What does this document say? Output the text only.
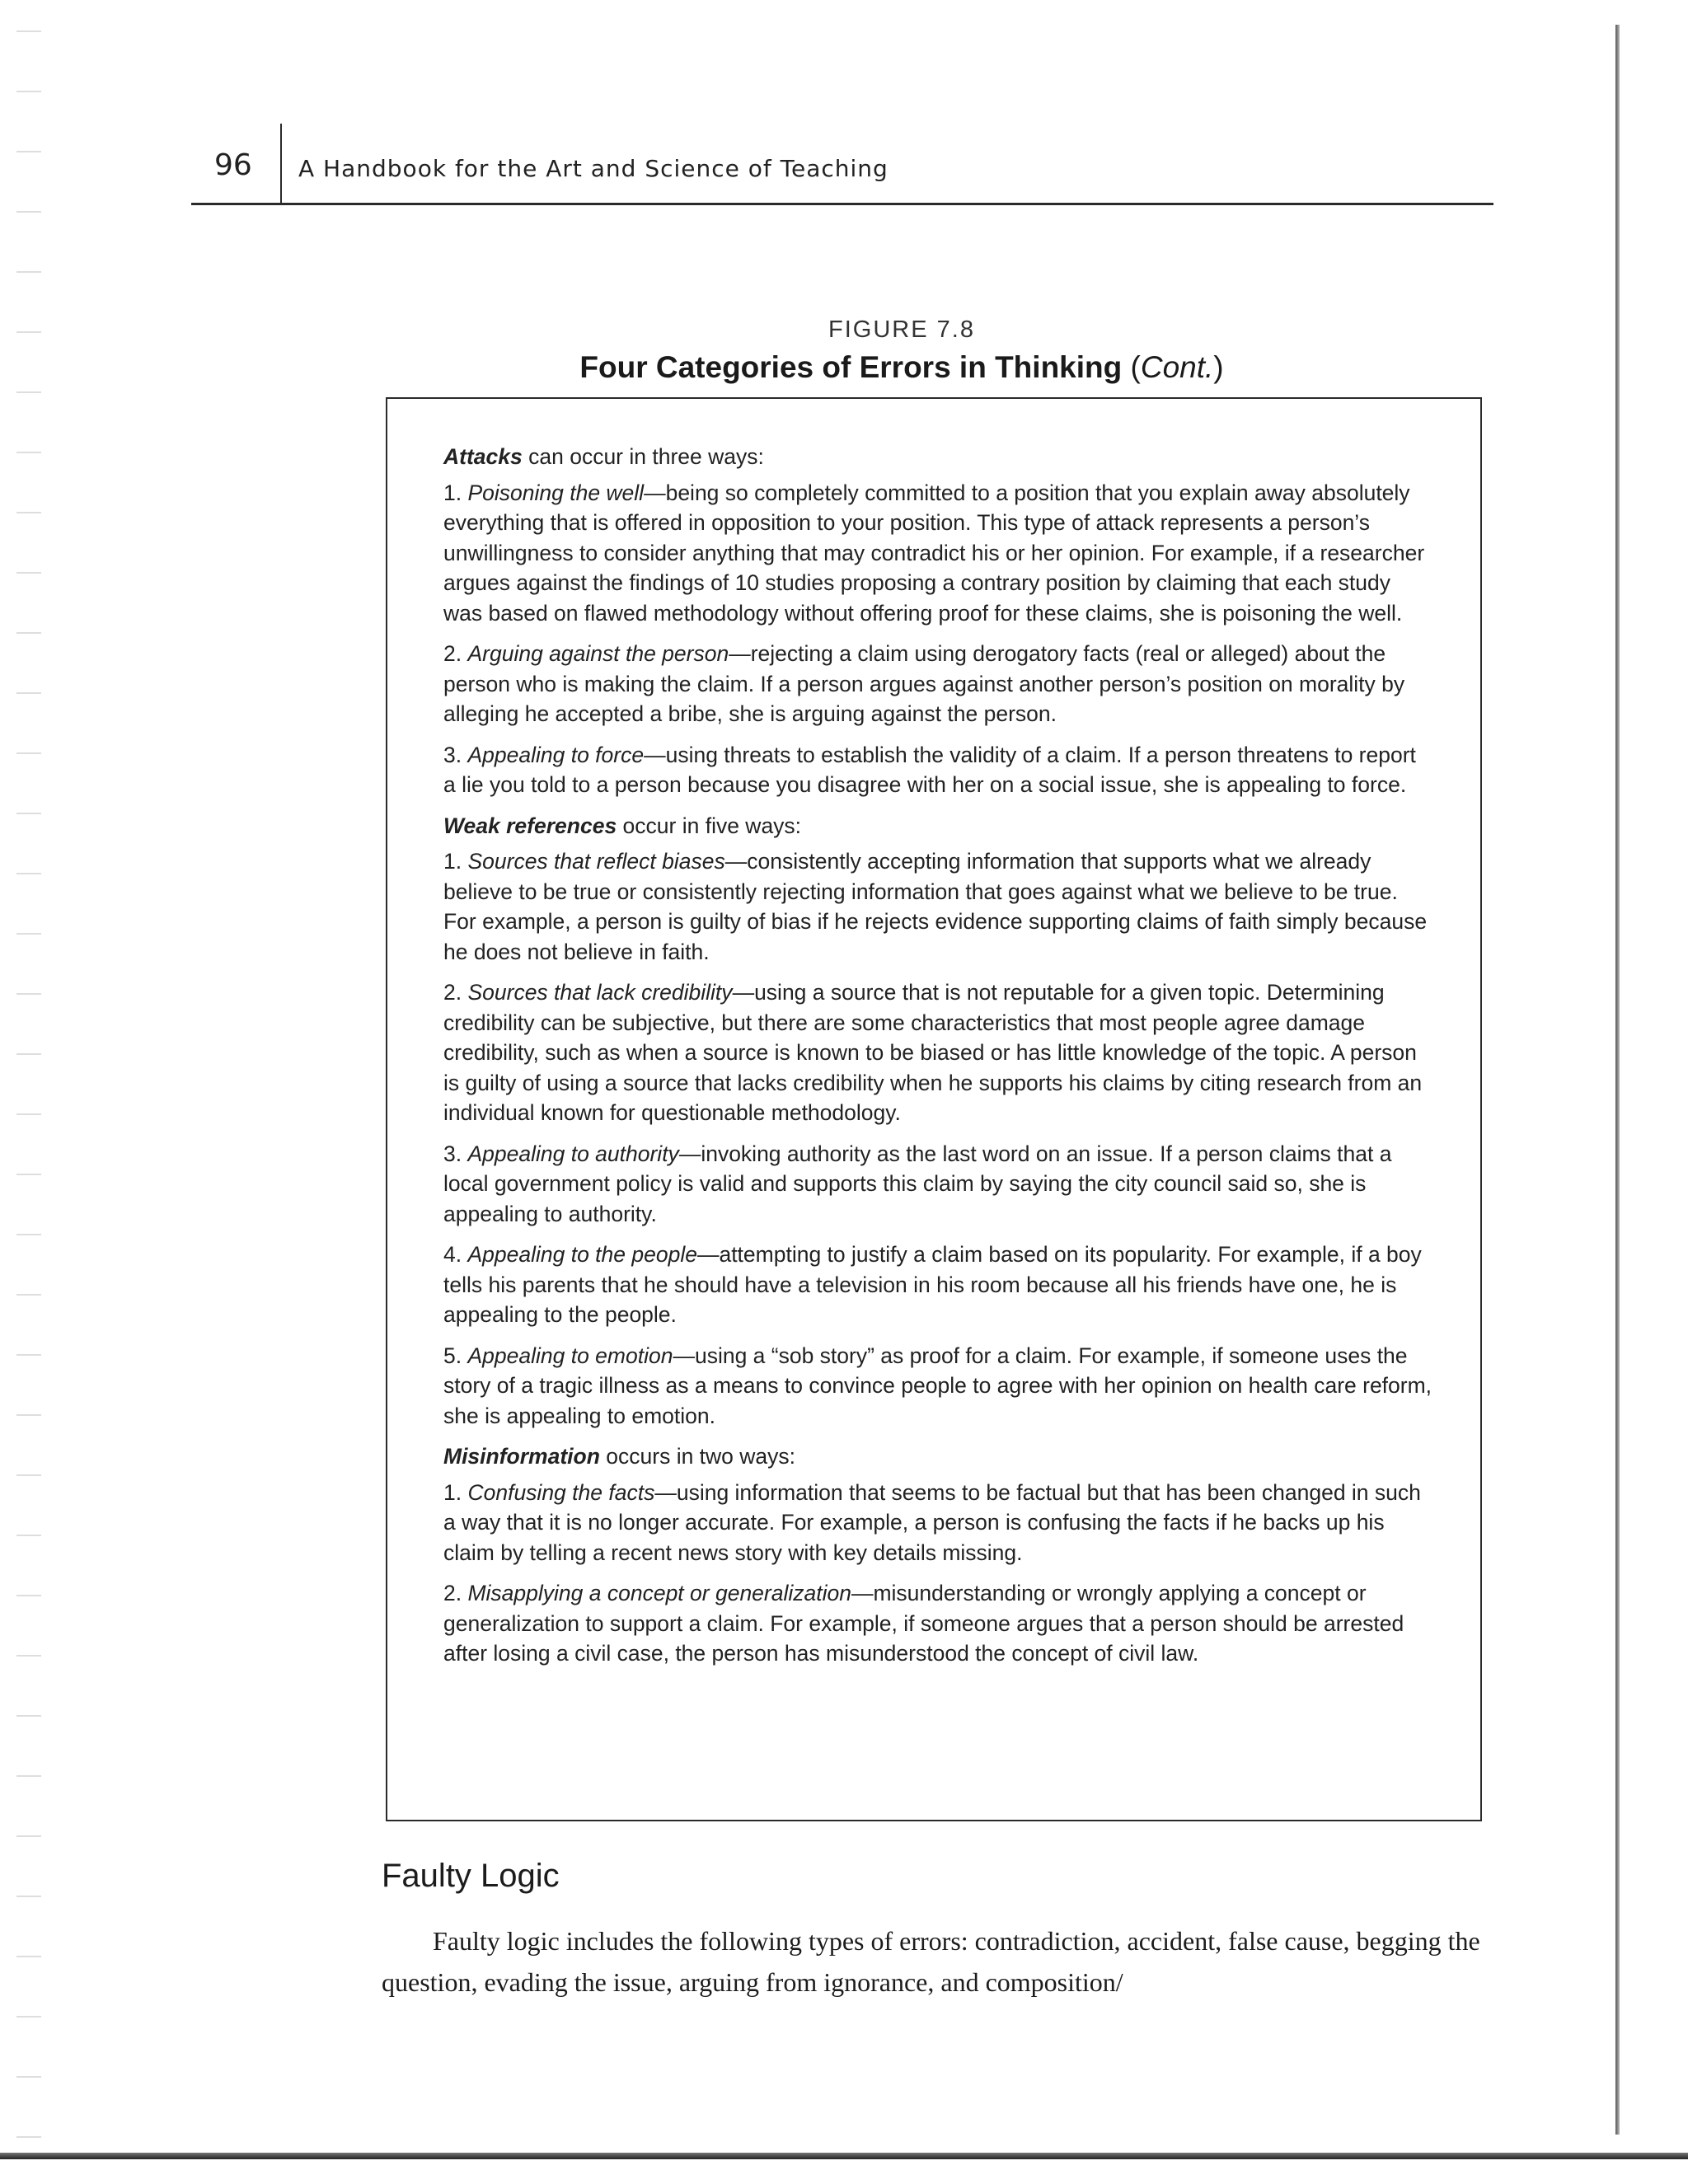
96 A Handbook for the Art and Science of Teaching
FIGURE 7.8
Four Categories of Errors in Thinking (Cont.)

Attacks can occur in three ways:

1. Poisoning the well—being so completely committed to a position that you explain away absolutely everything that is offered in opposition to your position. This type of attack represents a person’s unwillingness to consider anything that may contradict his or her opinion. For example, if a researcher argues against the findings of 10 studies proposing a contrary position by claiming that each study was based on flawed methodology without offering proof for these claims, she is poisoning the well.

2. Arguing against the person—rejecting a claim using derogatory facts (real or alleged) about the person who is making the claim. If a person argues against another person’s position on morality by alleging he accepted a bribe, she is arguing against the person.

3. Appealing to force—using threats to establish the validity of a claim. If a person threatens to report a lie you told to a person because you disagree with her on a social issue, she is appealing to force.

Weak references occur in five ways:

1. Sources that reflect biases—consistently accepting information that supports what we already believe to be true or consistently rejecting information that goes against what we believe to be true. For example, a person is guilty of bias if he rejects evidence supporting claims of faith simply because he does not believe in faith.

2. Sources that lack credibility—using a source that is not reputable for a given topic. Determining credibility can be subjective, but there are some characteristics that most people agree damage credibility, such as when a source is known to be biased or has little knowledge of the topic. A person is guilty of using a source that lacks credibility when he supports his claims by citing research from an individual known for questionable methodology.

3. Appealing to authority—invoking authority as the last word on an issue. If a person claims that a local government policy is valid and supports this claim by saying the city council said so, she is appealing to authority.

4. Appealing to the people—attempting to justify a claim based on its popularity. For example, if a boy tells his parents that he should have a television in his room because all his friends have one, he is appealing to the people.

5. Appealing to emotion—using a “sob story” as proof for a claim. For example, if someone uses the story of a tragic illness as a means to convince people to agree with her opinion on health care reform, she is appealing to emotion.

Misinformation occurs in two ways:

1. Confusing the facts—using information that seems to be factual but that has been changed in such a way that it is no longer accurate. For example, a person is confusing the facts if he backs up his claim by telling a recent news story with key details missing.

2. Misapplying a concept or generalization—misunderstanding or wrongly applying a concept or generalization to support a claim. For example, if someone argues that a person should be arrested after losing a civil case, the person has misunderstood the concept of civil law.

Faulty Logic

Faulty logic includes the following types of errors: contradiction, accident, false cause, begging the question, evading the issue, arguing from ignorance, and composition/
